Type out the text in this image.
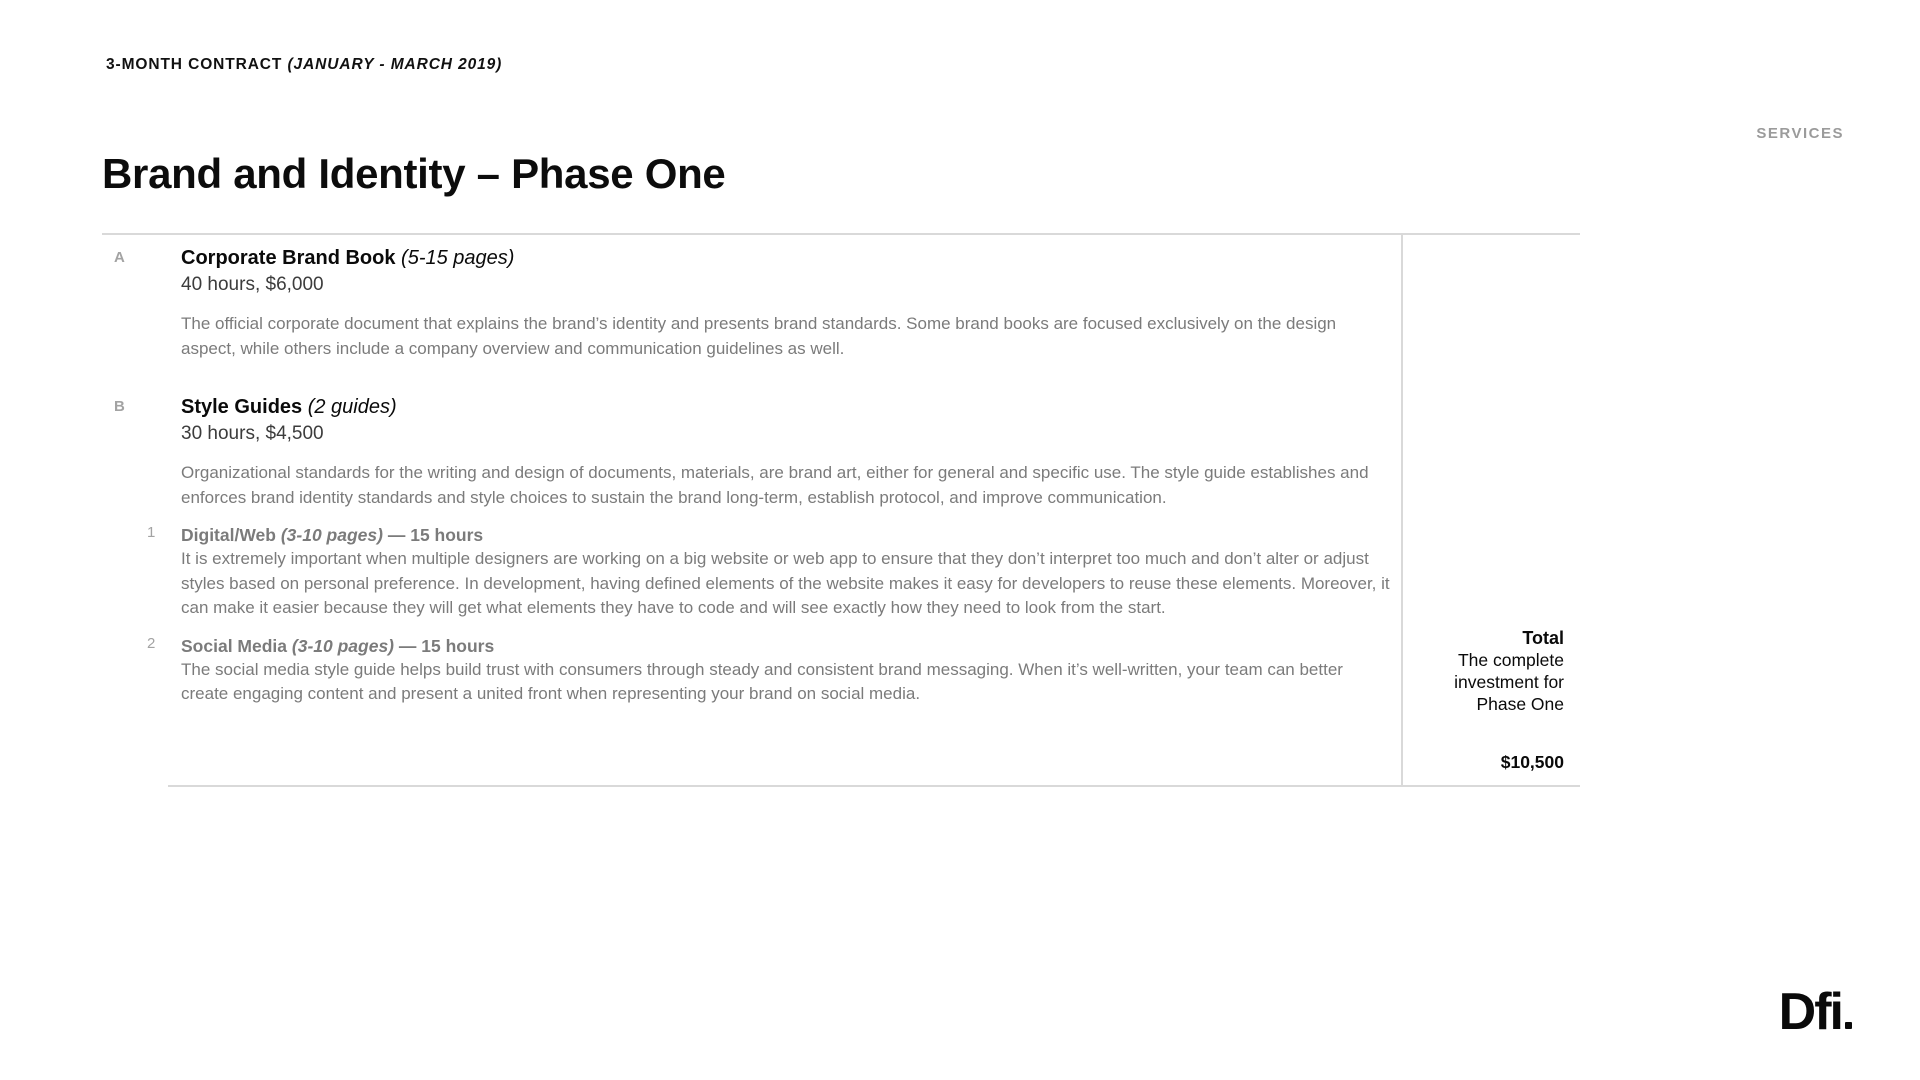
3-MONTH CONTRACT (JANUARY - MARCH 2019)
SERVICES
Brand and Identity – Phase One
A	Corporate Brand Book (5-15 pages)
40 hours, $6,000
The official corporate document that explains the brand’s identity and presents brand standards. Some brand books are focused exclusively on the design aspect, while others include a company overview and communication guidelines as well.
B	Style Guides (2 guides)
30 hours, $4,500
Organizational standards for the writing and design of documents, materials, are brand art, either for general and specific use. The style guide establishes and enforces brand identity standards and style choices to sustain the brand long-term, establish protocol, and improve communication.
1 Digital/Web (3-10 pages) — 15 hours
It is extremely important when multiple designers are working on a big website or web app to ensure that they don’t interpret too much and don’t alter or adjust styles based on personal preference. In development, having defined elements of the website makes it easy for developers to reuse these elements. Moreover, it can make it easier because they will get what elements they have to code and will see exactly how they need to look from the start.
2 Social Media (3-10 pages) — 15 hours
The social media style guide helps build trust with consumers through steady and consistent brand messaging. When it’s well-written, your team can better create engaging content and present a united front when representing your brand on social media.
Total
The complete investment for Phase One
$10,500
Dfi
